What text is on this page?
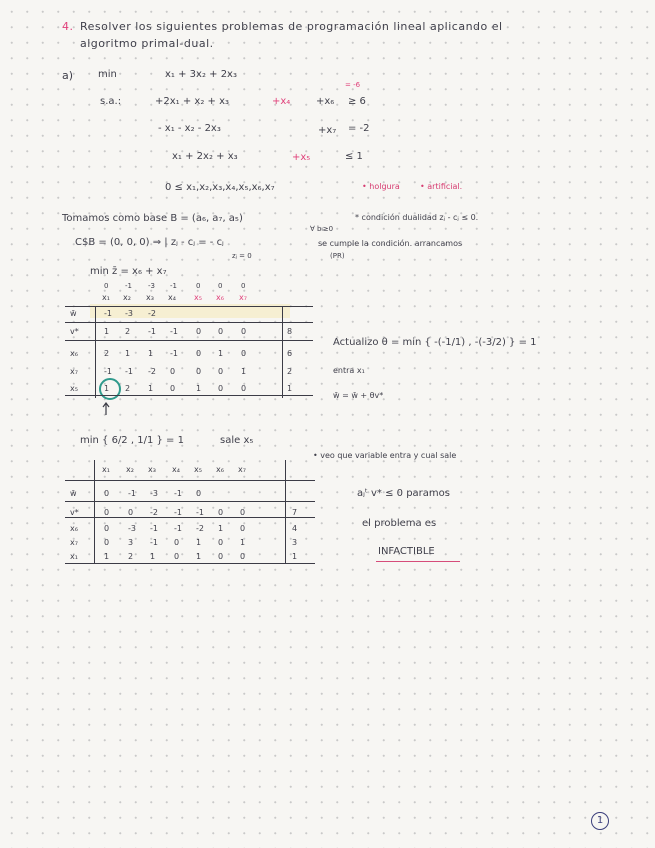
4. Resolver los siguientes problemas de programación lineal aplicando el
algoritmo primal-dual.
a) min	x₁ + 3x₂ + 2x₃
= -6
s.a.:	+2x₁ + x₂ + x₃	+x₄	+x₆ ≥ 6
- x₁ - x₂ - 2x₃	+x₇ = -2
x₁ + 2x₂ + x₃	+x₅	≤ 1
0 ≤ x₁,x₂,x₃,x₄,x₅,x₆,x₇	• holgura	• artificial.
Tomamos como base B = (a₆, a₇, a₅)	* condición dualidad zⱼ - cⱼ ≤ 0.
∀ bᵢ≥0
C$B = (0, 0, 0) ⇒ | zⱼ - cⱼ = - cⱼ	se cumple la condición. arrancamos
zⱼ = 0	(PR)
min z̄ = x₆ + x₇
Actualizo θ = min { -(-1/1) , -(-3/2) } = 1
entra x₁
w̄ = w̄ + θv*
min { 6/2 , 1/1 } = 1	sale x₅
• veo que variable entra y cual sale
aⱼᵗ v* ≤ 0 paramos
el problema es
INFACTIBLE
1
0 -1 -3 -1	0	0	0
x₁ x₂ x₃ x₄ x₅ x₆ x₇
w̄	-1 -3 -2
v*	1 2 -1 -1 0 0 0	8
x₆	2 1 1 -1 0 1 0	6
x₇	-1 -1 -2 0	0 0 1	2
x₅	1 2 1 0	1 0 0	1
x₁ x₂ x₃ x₄ x₅ x₆ x₇
w̄	0 -1 -3 -1 0
v*	0 0 -2 -1 -1 0 0	7
x₆	0 -3 -1 -1 -2 1 0	4
x₇	0 3 -1 0 1 0 1	3
x₁	1 2 1 0 1 0 0	1
